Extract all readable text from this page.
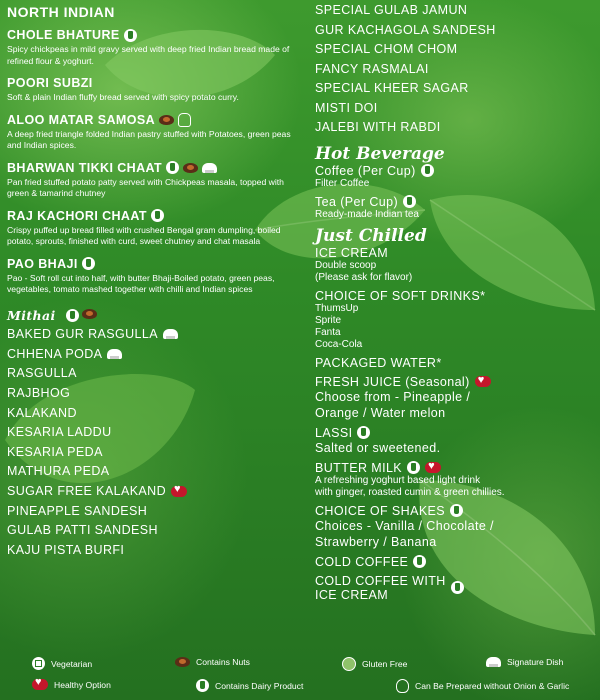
NORTH INDIAN
CHOLE BHATURE
Spicy chickpeas in mild gravy served with deep fried Indian bread made of refined flour & yoghurt.
POORI SUBZI
Soft & plain Indian fluffy bread served with spicy potato curry.
ALOO MATAR SAMOSA
A deep fried triangle folded Indian pastry stuffed with Potatoes, green peas and Indian spices.
BHARWAN TIKKI CHAAT
Pan fried stuffed potato patty served with Chickpeas masala, topped with green & tamarind chutney
RAJ KACHORI CHAAT
Crispy puffed up bread filled with crushed Bengal gram dumpling, boiled potato, sprouts, finished with curd, sweet chutney and chat masala
PAO BHAJI
Pao - Soft roll cut into half, with butter Bhaji-Boiled potato, green peas, vegetables, tomato mashed together with chilli and Indian spices
Mithai
BAKED GUR RASGULLA
CHHENA PODA
RASGULLA
RAJBHOG
KALAKAND
KESARIA LADDU
KESARIA PEDA
MATHURA PEDA
SUGAR FREE KALAKAND
♥
PINEAPPLE SANDESH
GULAB PATTI SANDESH
KAJU PISTA BURFI
SPECIAL GULAB JAMUN
GUR KACHAGOLA SANDESH
SPECIAL CHOM CHOM
FANCY RASMALAI
SPECIAL KHEER SAGAR
MISTI DOI
JALEBI WITH RABDI
Hot Beverage
Coffee (Per Cup)
Filter Coffee
Tea (Per Cup)
Ready-made Indian tea
Just Chilled
ICE CREAM
Double scoop
(Please ask for flavor)
CHOICE OF SOFT DRINKS*
ThumsUp
Sprite
Fanta
Coca-Cola
PACKAGED WATER*
FRESH JUICE (Seasonal)
♥
Choose from - Pineapple /
Orange / Water melon
LASSI
Salted or sweetened.
BUTTER MILK
♥
A refreshing yoghurt based light drink
with ginger, roasted cumin & green chillies.
CHOICE OF SHAKES
Choices - Vanilla / Chocolate /
Strawberry / Banana
COLD COFFEE
COLD COFFEE WITH
ICE CREAM
Vegetarian	Contains Nuts	Gluten Free	Signature Dish
♥
Healthy Option	Contains Dairy Product	Can Be Prepared without Onion & Garlic
